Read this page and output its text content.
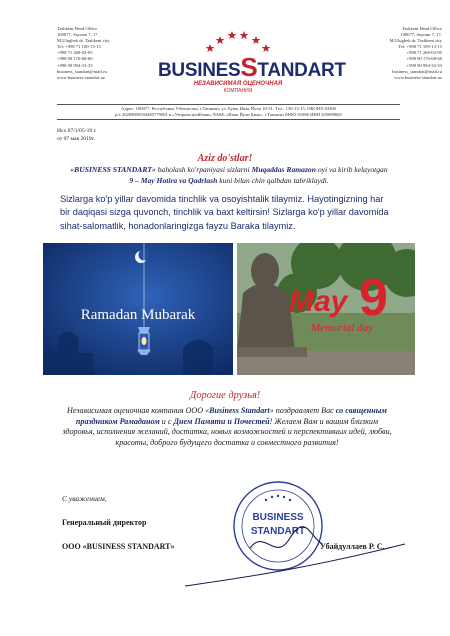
Tashkent Head Office
100077, Sayram 7, 17,
M.Ulughek dr. Tashkent city
Tel: +998 71 100-13-15
+998 71 268-02-95
+998 90 176-68-60
+998 90 994-33-33
business_standart@mail.ru
www.business-standart.uz
Tashkent Head Office
100077, Sayram 7, 17,
M.Ulughek dr. Tashkent city
Tel: +998 71 100-13-15
+998 71 268-02-95
+998 90 176-68-60
+998 90 994-33-33
business_standart@mail.ru
www.business-standart.uz
BUSINESSTANDART
НЕЗАВИСИМАЯ ОЦЕНОЧНАЯ
КОМПАНИЯ
Адрес: 100077, Республика Узбекистан, г.Ташкент, ул. Буюк Ипак Йули 18-31, Тел.: 150-13-15, ОКОНХ 84300
р/с 20208000504485779001 в «Узпромстройбанк» ЧАКБ «Ипак Йули Банк», г.Ташкент МФО 01086 ИНН 205699665
Исх 07/1/05-19 г.
от 07 мая 2019г.
Aziz do'stlar!
«BUSINESS STANDART» baholash ko'rpaniyasi sizlarni Muqaddas Ramazon oyi va kirib kelayotgan 9 – May Hotira va Qadrlash kuni bilan chin qalbdan tabriklaydi.
Sizlarga ko'p yillar davomida tinchlik va osoyishtalik tilaymiz. Hayotingizning har bir daqiqasi sizga quvonch, tinchlik va baxt keltirsin! Sizlarga ko'p yillar davomida sihat-salomatlik, honadonlaringizga fayzu Baraka tilaymiz.
Ramadan Mubarak	May 9
Memorial day
Дорогие друзья!
Независимая оценочная компания ООО «Business Standart» поздравляет Вас со священным праздником Рамаданом и с Днем Памяти и Почестей! Желаем Вам и вашим близким здоровья, исполнения желаний, достатка, новых возможностей и перспективных идей, любви, красоты, доброго будущего достатка и совместного развития!
С уважением,
Генеральный директор
ООО «BUSINESS STANDART»	Убайдуллаев Р. С.
BUSINESS
STANDART
